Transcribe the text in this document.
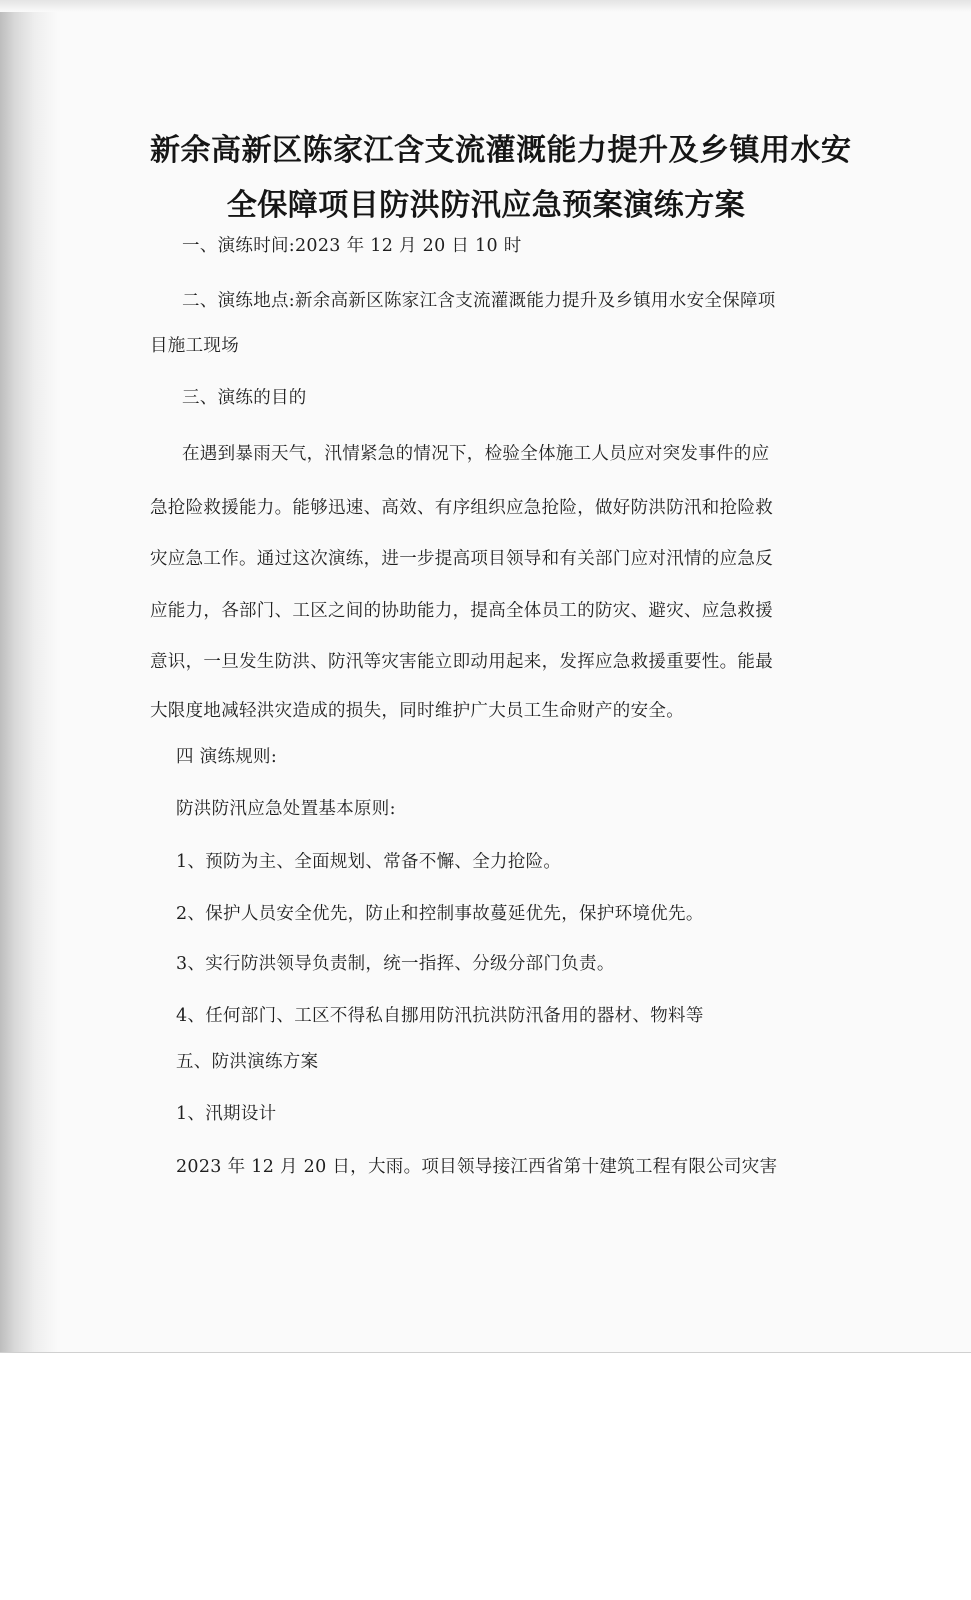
新余高新区陈家江含支流灌溉能力提升及乡镇用水安
全保障项目防洪防汛应急预案演练方案
一、演练时间:2023 年 12 月 20 日 10 时
二、演练地点:新余高新区陈家江含支流灌溉能力提升及乡镇用水安全保障项
目施工现场
三、演练的目的
在遇到暴雨天气，汛情紧急的情况下，检验全体施工人员应对突发事件的应
急抢险救援能力。能够迅速、高效、有序组织应急抢险，做好防洪防汛和抢险救
灾应急工作。通过这次演练，进一步提高项目领导和有关部门应对汛情的应急反
应能力，各部门、工区之间的协助能力，提高全体员工的防灾、避灾、应急救援
意识，一旦发生防洪、防汛等灾害能立即动用起来，发挥应急救援重要性。能最
大限度地减轻洪灾造成的损失，同时维护广大员工生命财产的安全。
四 演练规则:
防洪防汛应急处置基本原则:
1、预防为主、全面规划、常备不懈、全力抢险。
2、保护人员安全优先，防止和控制事故蔓延优先，保护环境优先。
3、实行防洪领导负责制，统一指挥、分级分部门负责。
4、任何部门、工区不得私自挪用防汛抗洪防汛备用的器材、物料等
五、防洪演练方案
1、汛期设计
2023 年 12 月 20 日，大雨。项目领导接江西省第十建筑工程有限公司灾害
